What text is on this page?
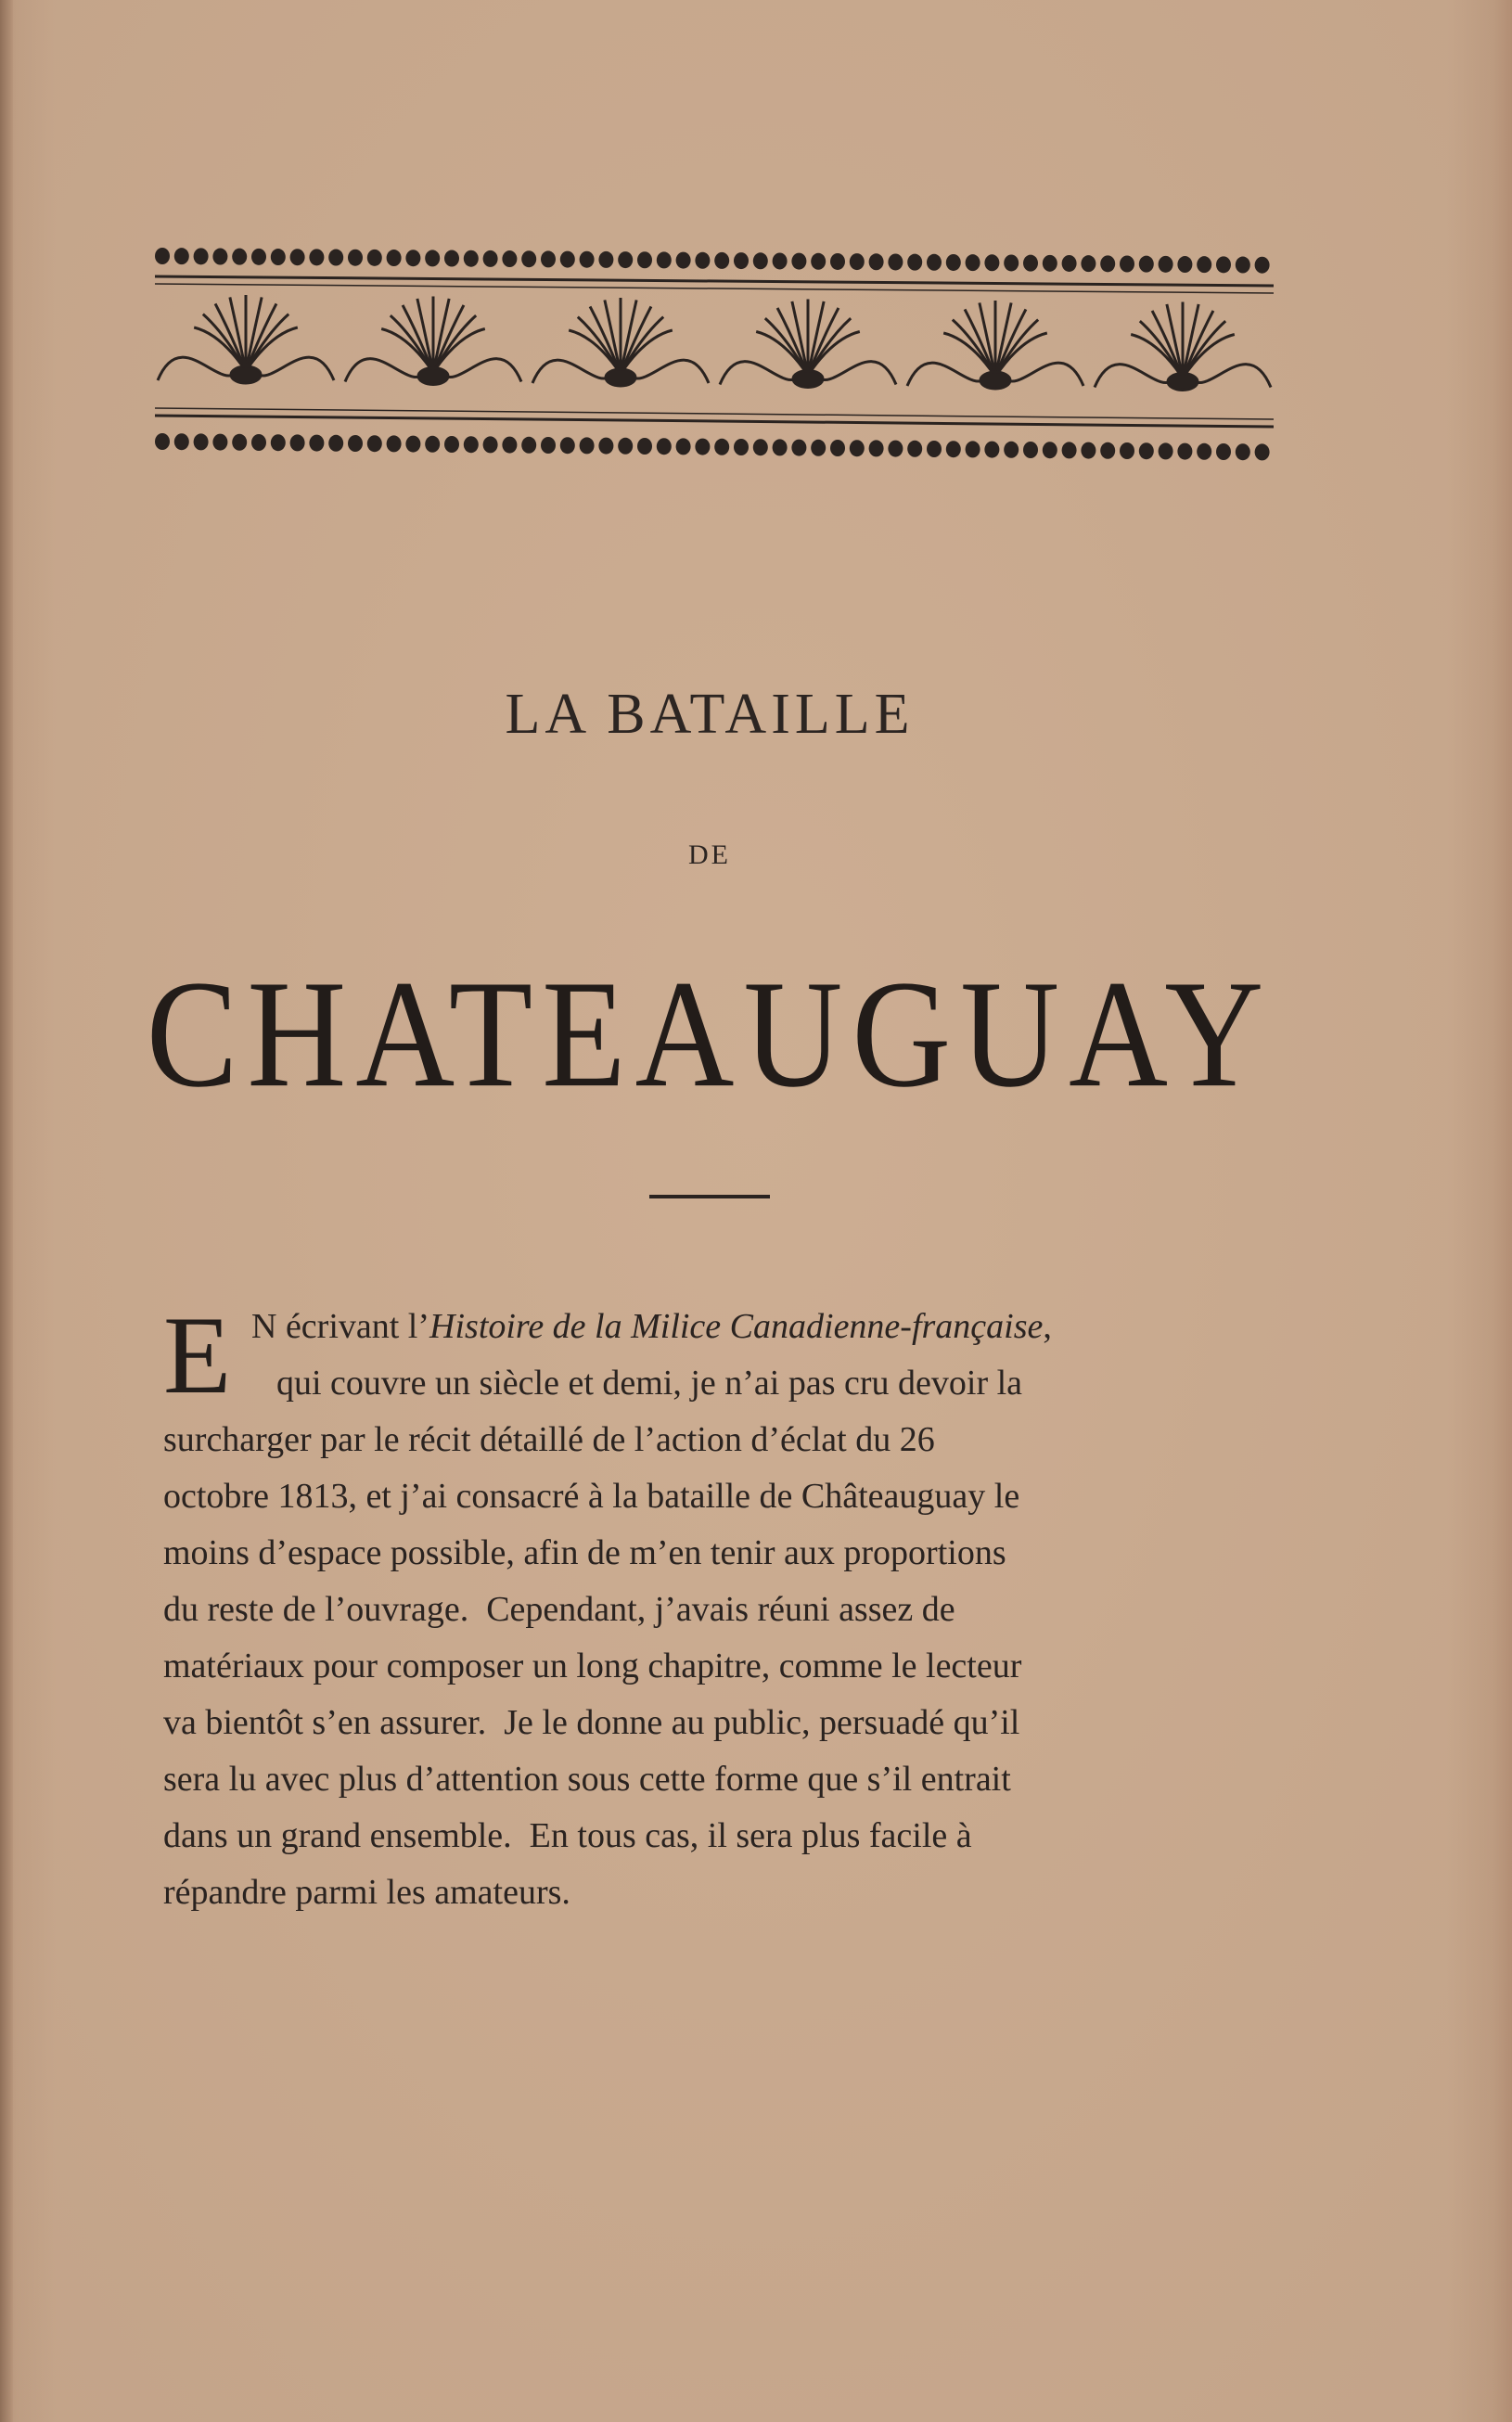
LA BATAILLE
DE
CHATEAUGUAY
E N écrivant l’Histoire de la Milice Canadienne-française,
qui couvre un siècle et demi, je n’ai pas cru devoir la
surcharger par le récit détaillé de l’action d’éclat du 26
octobre 1813, et j’ai consacré à la bataille de Châteauguay le
moins d’espace possible, afin de m’en tenir aux proportions
du reste de l’ouvrage.  Cependant, j’avais réuni assez de
matériaux pour composer un long chapitre, comme le lecteur
va bientôt s’en assurer.  Je le donne au public, persuadé qu’il
sera lu avec plus d’attention sous cette forme que s’il entrait
dans un grand ensemble.  En tous cas, il sera plus facile à
répandre parmi les amateurs.
